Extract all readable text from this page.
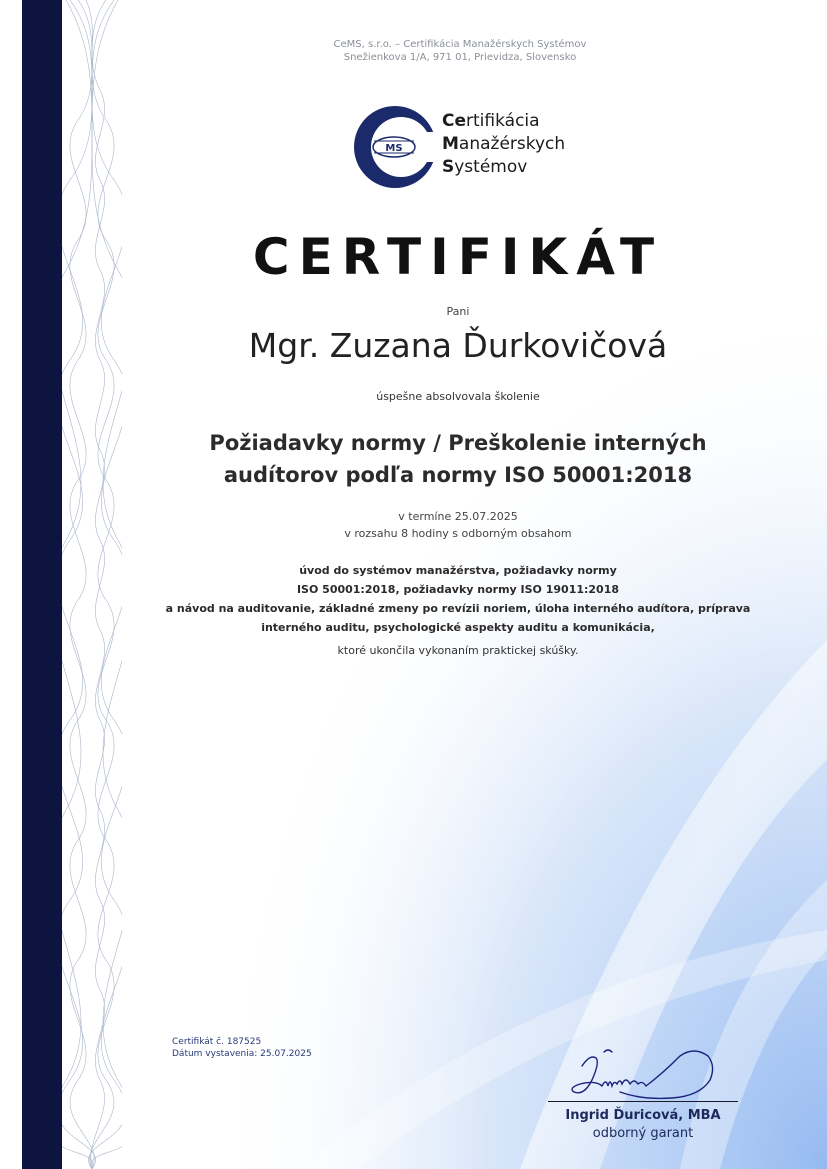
CeMS, s.r.o. – Certifikácia Manažérskych Systémov
Snežienkova 1/A, 971 01, Prievidza, Slovensko
MS
Certifikácia
Manažérskych
Systémov
CERTIFIKÁT
Pani
Mgr. Zuzana Ďurkovičová
úspešne absolvovala školenie
Požiadavky normy / Preškolenie interných
audítorov podľa normy ISO 50001:2018
v termíne 25.07.2025
v rozsahu 8 hodiny s odborným obsahom
úvod do systémov manažérstva, požiadavky normy
ISO 50001:2018, požiadavky normy ISO 19011:2018
a návod na auditovanie, základné zmeny po revízii noriem, úloha interného audítora, príprava
interného auditu, psychologické aspekty auditu a komunikácia,
ktoré ukončila vykonaním praktickej skúšky.
Certifikát č. 187525
Dátum vystavenia: 25.07.2025
Ingrid Ďuricová, MBA
odborný garant
